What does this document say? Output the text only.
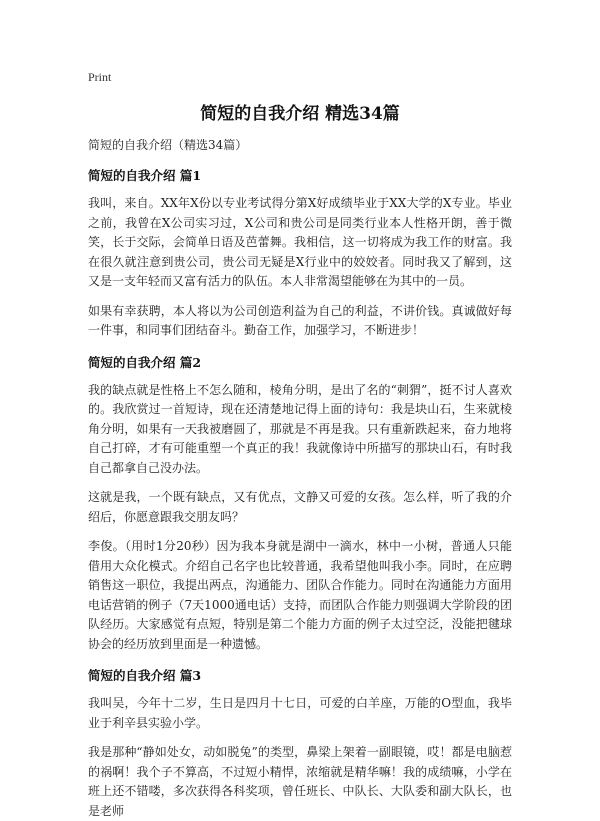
Print
简短的自我介绍 精选34篇
简短的自我介绍（精选34篇）
简短的自我介绍 篇1

我叫，来自。XX年X份以专业考试得分第X好成绩毕业于XX大学的X专业。毕业之前，我曾在X公司实习过，X公司和贵公司是同类行业本人性格开朗，善于微笑，长于交际，会简单日语及芭蕾舞。我相信，这一切将成为我工作的财富。我在很久就注意到贵公司，贵公司无疑是X行业中的姣姣者。同时我又了解到，这又是一支年轻而又富有活力的队伍。本人非常渴望能够在为其中的一员。

如果有幸获聘，本人将以为公司创造利益为自己的利益，不讲价钱。真诚做好每一件事，和同事们团结奋斗。勤奋工作，加强学习，不断进步！

简短的自我介绍 篇2

我的缺点就是性格上不怎么随和，棱角分明，是出了名的“刺猬”，挺不讨人喜欢的。我欣赏过一首短诗，现在还清楚地记得上面的诗句：我是块山石，生来就棱角分明，如果有一天我被磨圆了，那就是不再是我。只有重新跌起来，奋力地将自己打碎，才有可能重塑一个真正的我！我就像诗中所描写的那块山石，有时我自己都拿自己没办法。

这就是我，一个既有缺点，又有优点，文静又可爱的女孩。怎么样，听了我的介绍后，你愿意跟我交朋友吗？

李俊。（用时1分20秒）因为我本身就是湖中一滴水，林中一小树，普通人只能借用大众化模式。介绍自己名字也比较普通，我希望他叫我小李。同时，在应聘销售这一职位，我提出两点，沟通能力、团队合作能力。同时在沟通能力方面用电话营销的例子（7天1000通电话）支持，而团队合作能力则强调大学阶段的团队经历。大家感觉有点短，特别是第二个能力方面的例子太过空泛，没能把毽球协会的经历放到里面是一种遗憾。

简短的自我介绍 篇3

我叫吴，今年十二岁，生日是四月十七日，可爱的白羊座，万能的O型血，我毕业于利辛县实验小学。

我是那种“静如处女，动如脱兔”的类型，鼻梁上架着一副眼镜，哎！都是电脑惹的祸啊！我个子不算高，不过短小精悍，浓缩就是精华嘛！我的成绩嘛，小学在班上还不错喽，多次获得各科奖项，曾任班长、中队长、大队委和副大队长，也是老师
